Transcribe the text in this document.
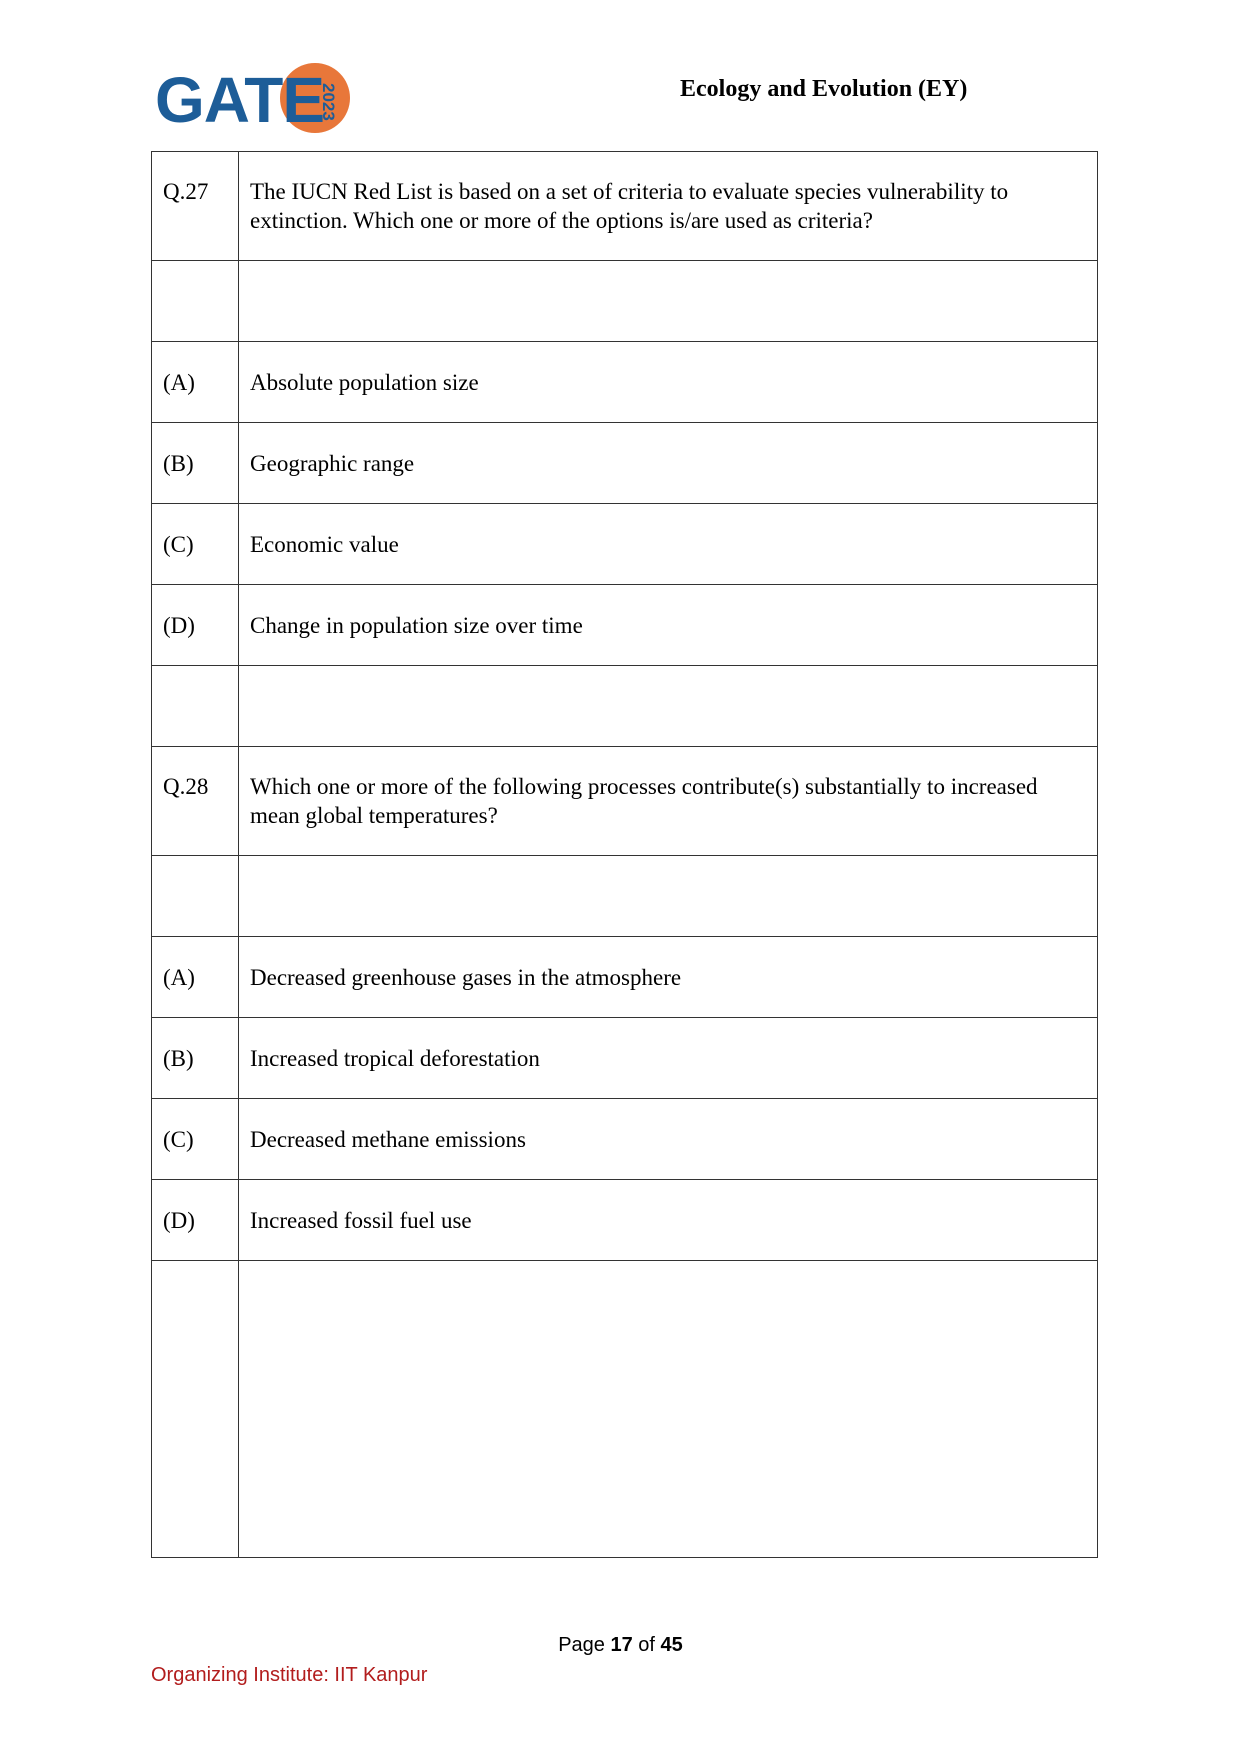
GATE
2023	Ecology and Evolution (EY)
Q.27	The IUCN Red List is based on a set of criteria to evaluate species vulnerability to extinction. Which one or more of the options is/are used as criteria?

(A)	Absolute population size
(B)	Geographic range
(C)	Economic value
(D)	Change in population size over time

Q.28	Which one or more of the following processes contribute(s) substantially to increased mean global temperatures?

(A)	Decreased greenhouse gases in the atmosphere
(B)	Increased tropical deforestation
(C)	Decreased methane emissions
(D)	Increased fossil fuel use

Page 17 of 45
Organizing Institute: IIT Kanpur
